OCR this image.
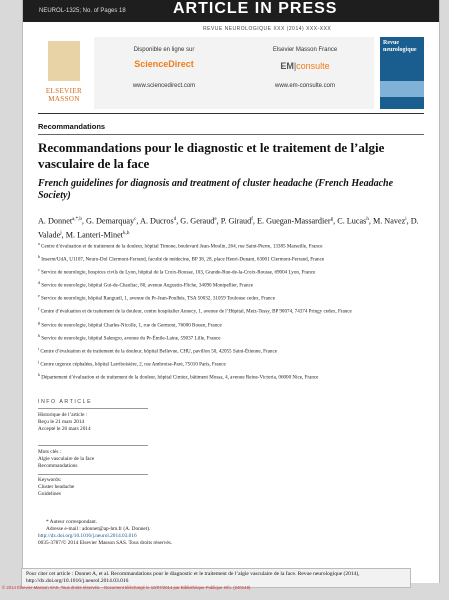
NEUROL-1325; No. of Pages 18	ARTICLE IN PRESS
REVUE NEUROLOGIQUE XXX (2014) XXX-XXX
ELSEVIER
MASSON
Disponible en ligne sur
ScienceDirect
www.sciencedirect.com
Elsevier Masson France
EM|consulte
www.em-consulte.com
Revue
neurologique
Recommandations
Recommandations pour le diagnostic et le traitement de l’algie vasculaire de la face
French guidelines for diagnosis and treatment of cluster headache (French Headache Society)
A. Donnet$^{a,*,b}$, G. Demarquay$^c$, A. Ducros$^d$, G. Geraud$^e$, P. Giraud$^f$, E. Guegan-Massardier$^g$, C. Lucas$^h$, M. Navez$^i$, D. Valade$^j$, M. Lanteri-Minet$^{k,b}$
$^a$ Centre d’évaluation et de traitement de la douleur, hôpital Timone, boulevard Jean-Moulin, 264, rue Saint-Pierre, 13385 Marseille, France
$^b$ Inserm/UdA, U1107, Neuro-Dol Clermont-Ferrand, faculté de médecine, BP 38, 28, place Henri-Dunant, 63001 Clermont-Ferrand, France
$^c$ Service de neurologie, hospices civils de Lyon, hôpital de la Croix-Rousse, 103, Grande-Rue-de-la-Croix-Rousse, 69004 Lyon, France
$^d$ Service de neurologie, hôpital Gui-de-Chauliac, 80, avenue Augustin-Fliche, 34090 Montpellier, France
$^e$ Service de neurologie, hôpital Rangueil, 1, avenue du Pr-Jean-Poulhès, TSA 50032, 31059 Toulouse cedex, France
$^f$ Centre d’évaluation et de traitement de la douleur, centre hospitalier Annecy, 1, avenue de l’Hôpital, Metz-Tessy, BP 90074, 74374 Pringy cedex, France
$^g$ Service de neurologie, hôpital Charles-Nicolle, 1, rue de Germont, 76000 Rouen, France
$^h$ Service de neurologie, hôpital Salengro, avenue du Pr-Émile-Laine, 59037 Lille, France
$^i$ Centre d’évaluation et de traitement de la douleur, hôpital Bellevue, CHU, pavillon 50, 42055 Saint-Étienne, France
$^j$ Centre urgence céphalées, hôpital Larriboisière, 2, rue Ambroise-Paré, 75010 Paris, France
$^k$ Département d’évaluation et de traitement de la douleur, hôpital Cimiez, bâtiment Mossa, 4, avenue Reine-Victoria, 06000 Nice, France
INFO ARTICLE
Historique de l’article :
Reçu le 21 mars 2014
Accepté le 26 mars 2014
Mots clés :
Algie vasculaire de la face
Recommandations
Keywords:
Cluster headache
Guidelines
* Auteur correspondant.
Adresse e-mail : adonnet@ap-hm.fr (A. Donnet).
http://dx.doi.org/10.1016/j.neurol.2014.03.016
0035-3787/© 2014 Elsevier Masson SAS. Tous droits réservés.
Pour citer cet article : Donnet A, et al. Recommandations pour le diagnostic et le traitement de l’algie vasculaire de la face. Revue neurologique (2014), http://dx.doi.org/10.1016/j.neurol.2014.03.016
© 2014 Elsevier Masson SAS. Tous droits réservés. - Document téléchargé le 10/07/2014 par Bibliothèque Publique Info. (240148)
